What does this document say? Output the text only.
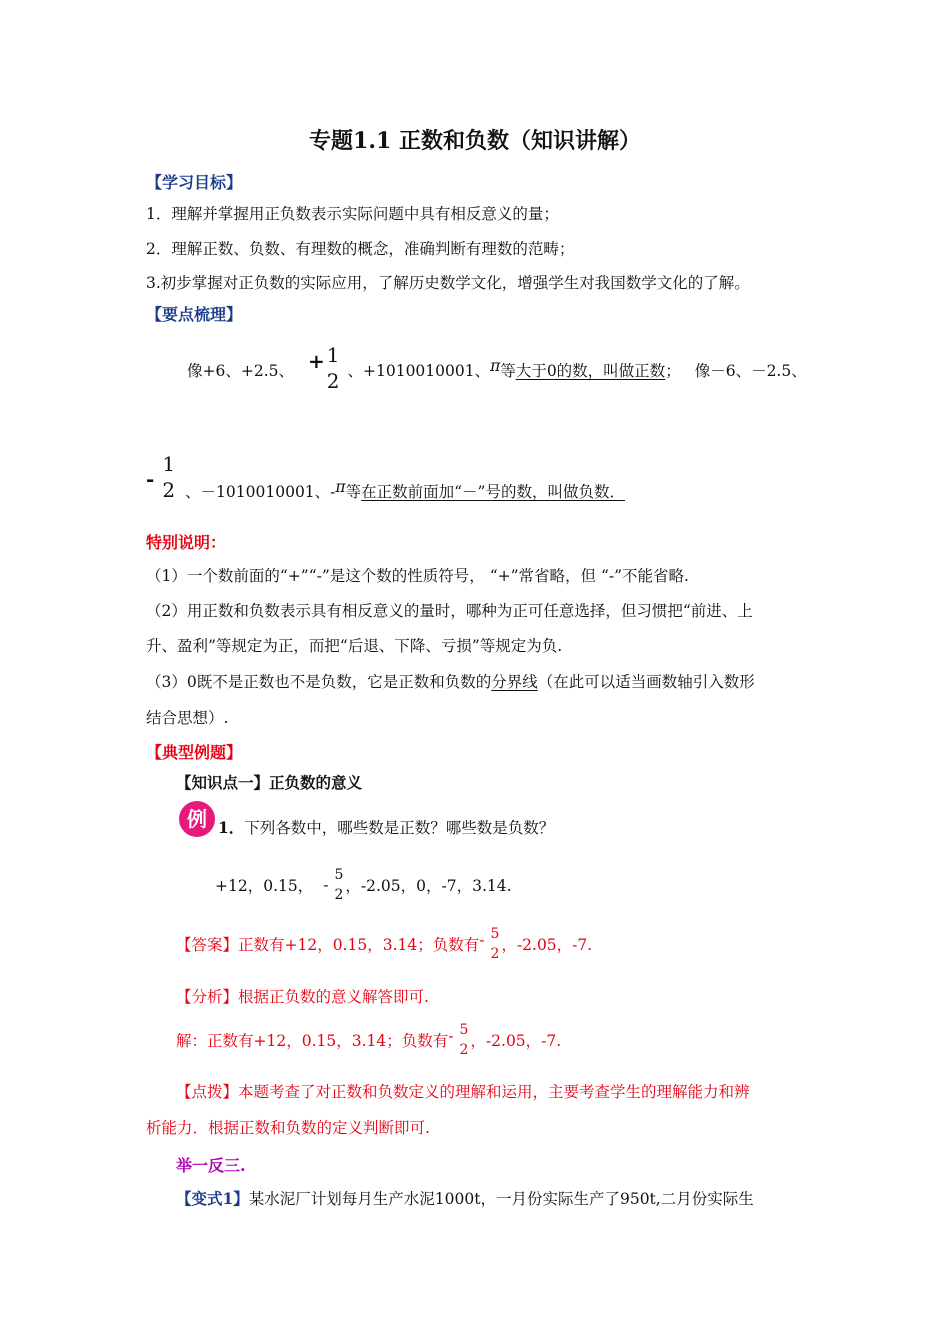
专题1.1 正数和负数（知识讲解）
【学习目标】
1．理解并掌握用正负数表示实际问题中具有相反意义的量；
2．理解正数、负数、有理数的概念，准确判断有理数的范畴；
3.初步掌握对正负数的实际应用，了解历史数学文化，增强学生对我国数学文化的了解。
【要点梳理】
像+6、+2.5、 + 1
2 、+1010010001、 π 等 大于0的数，叫做正数 ； 像－6、－2.5、
-
1
2 、－1010010001、- π 等 在正数前面加“－”号的数，叫做负数．
特别说明：
（1）一个数前面的“+”“-”是这个数的性质符号， “+”常省略，但 “-”不能省略.
（2）用正数和负数表示具有相反意义的量时，哪种为正可任意选择，但习惯把“前进、上
升、盈利”等规定为正，而把“后退、下降、亏损”等规定为负.
（3）0既不是正数也不是负数，它是正数和负数的分界线（在此可以适当画数轴引入数形
结合思想）.
【典型例题】
【知识点一】正负数的意义
例 1．下列各数中，哪些数是正数？哪些数是负数？
+12，0.15， -
5
2 ，-2.05，0，-7，3.14.
【答案】正数有+12，0.15，3.14；负数有 - 5
2 ，-2.05，-7.
【分析】根据正负数的意义解答即可.
解：正数有+12，0.15，3.14；负数有 - 5
2 ，-2.05，-7.
【点拨】本题考查了对正数和负数定义的理解和运用，主要考查学生的理解能力和辨
析能力．根据正数和负数的定义判断即可.
举一反三.
【变式1】某水泥厂计划每月生产水泥1000t，一月份实际生产了950t,二月份实际生
